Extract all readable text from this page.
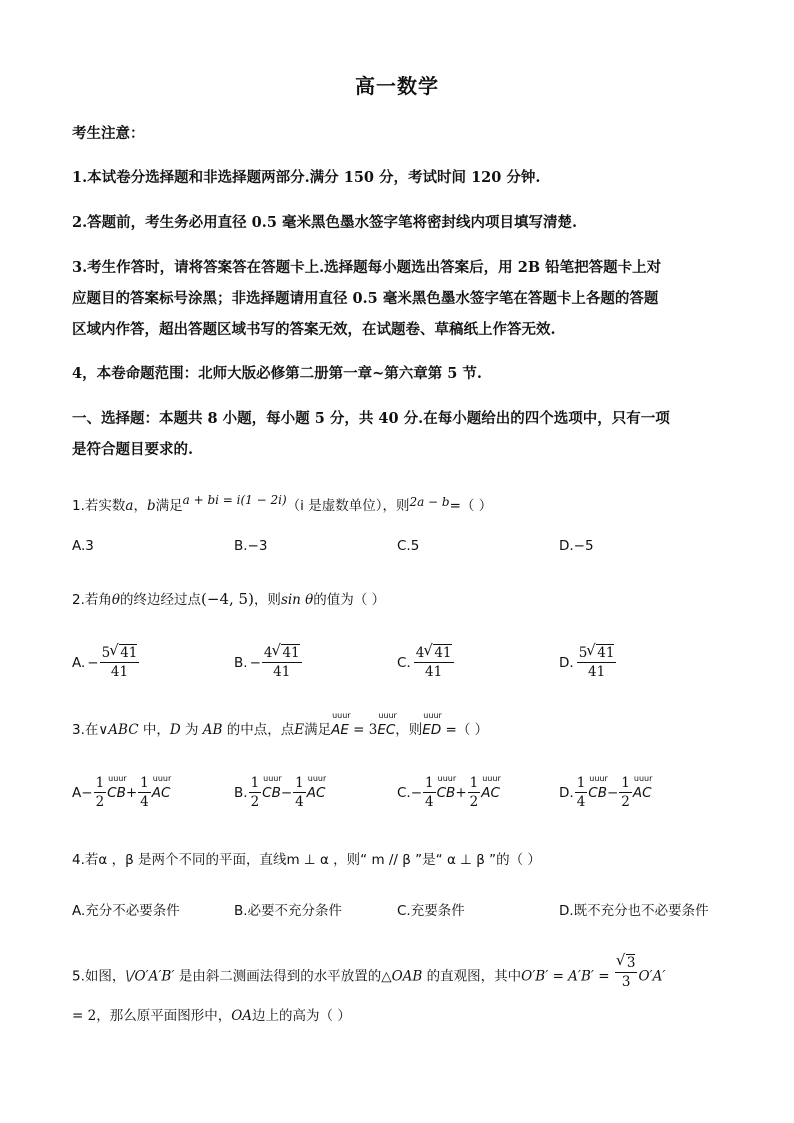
高一数学
考生注意：
1.本试卷分选择题和非选择题两部分.满分 150 分，考试时间 120 分钟.
2.答题前，考生务必用直径 0.5 毫米黑色墨水签字笔将密封线内项目填写清楚.
3.考生作答时，请将答案答在答题卡上.选择题每小题选出答案后，用 2B 铅笔把答题卡上对
应题目的答案标号涂黑；非选择题请用直径 0.5 毫米黑色墨水签字笔在答题卡上各题的答题
区域内作答，超出答题区域书写的答案无效，在试题卷、草稿纸上作答无效.
4，本卷命题范围：北师大版必修第二册第一章~第六章第 5 节.
一、选择题：本题共 8 小题，每小题 5 分，共 40 分.在每小题给出的四个选项中，只有一项
是符合题目要求的.
1.若实数a，b满足a + bi = i(1 − 2i)（i 是虚数单位），则2a − b=（ ）
A.3	B.−3	C.5	D.−5
2.若角θ的终边经过点(−4, 5)，则sin θ的值为（ ）
A. − $\frac{5 √ 41}{41}$	B. − $\frac{4 √ 41}{41}$	C. $\frac{4 √ 41}{41}$	D. $\frac{5 √ 41}{41}$
3.在∨ABC 中，D 为 AB 的中点，点E满足uuur AE = 3uuur EC，则uuur ED =（ ）
$A - \frac{1}{2}$ uuur CB + $\frac{1}{4}$ uuur AC	B. $\frac{1}{2}$ uuur CB − $\frac{1}{4}$ uuur AC	C. − $\frac{1}{4}$ uuur CB + $\frac{1}{2}$ uuur AC	D. $\frac{1}{4}$ uuur CB − $\frac{1}{2}$ uuur AC
4.若α ，β 是两个不同的平面，直线m ⊥ α ，则“ m // β ”是“ α ⊥ β ”的（ ）
A.充分不必要条件	B.必要不充分条件	C.充要条件	D.既不充分也不必要条件
5.如图，\/O′A′B′ 是由斜二测画法得到的水平放置的△OAB 的直观图，其中O′B′ = A′B′ = √ $\frac{3}{3} O'A'$
= 2，那么原平面图形中，OA边上的高为（ ）
